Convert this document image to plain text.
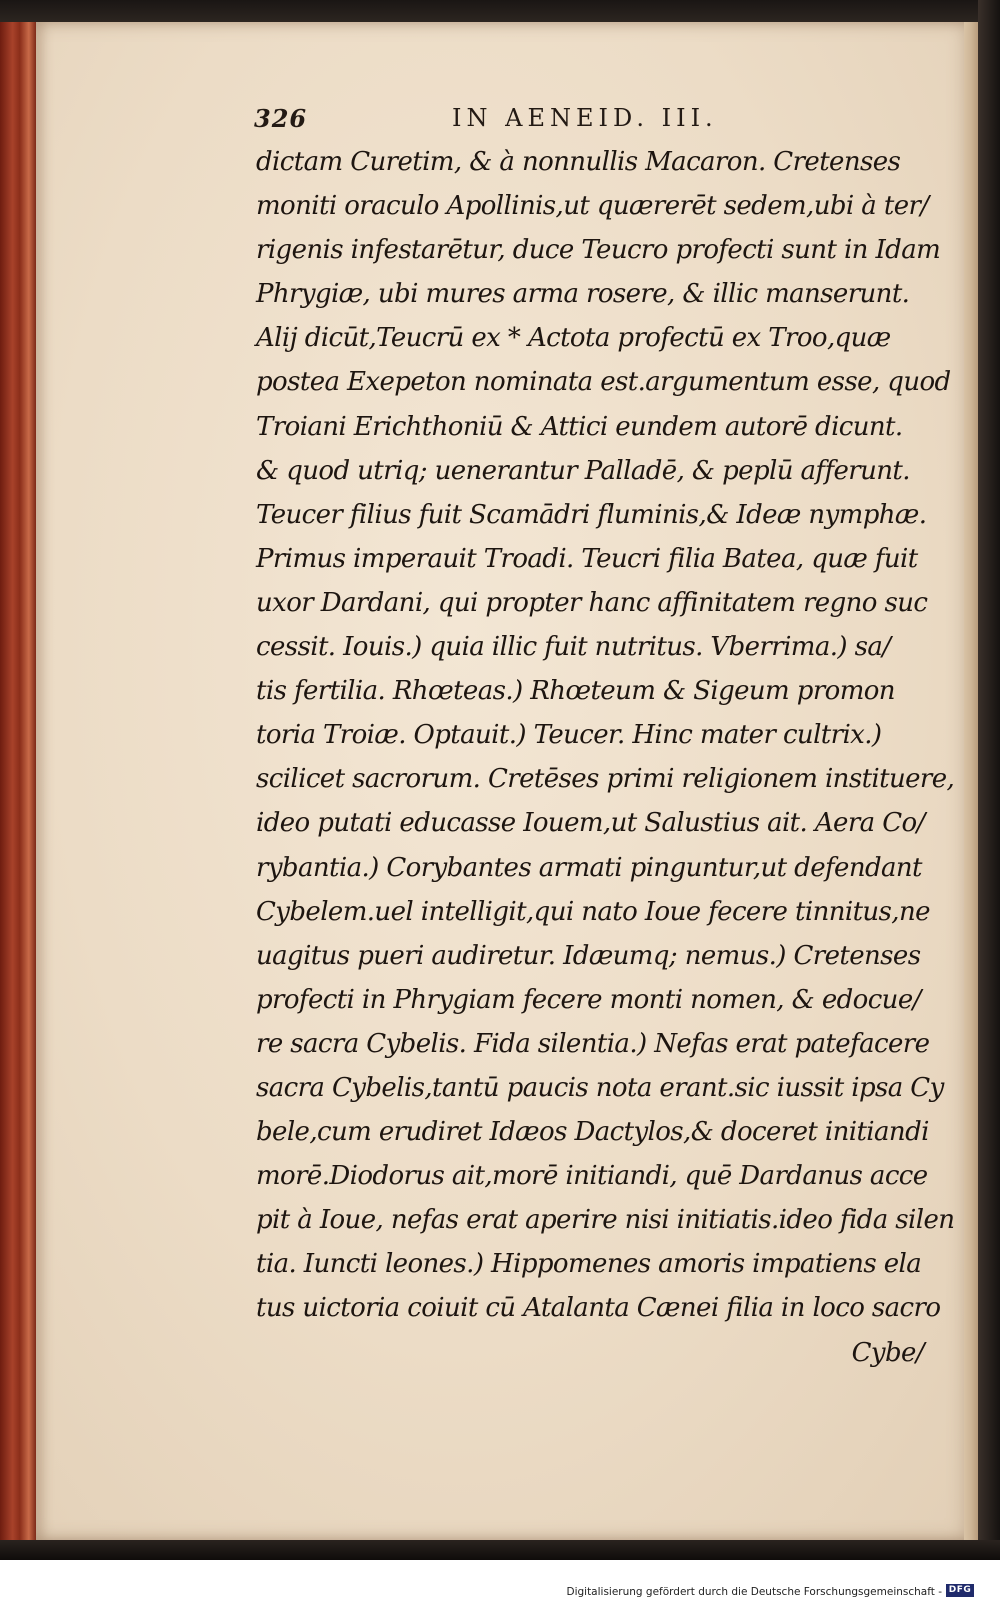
326	IN AENEID. III.
dictam Curetim, & à nonnullis Macaron. Cretenses
moniti oraculo Apollinis,ut quærerēt sedem,ubi à ter/
rigenis infestarētur, duce Teucro profecti sunt in Idam
Phrygiæ, ubi mures arma rosere, & illic manserunt.
Alij dicūt,Teucrū ex * Actota profectū ex Troo,quæ
postea Exepeton nominata est.argumentum esse, quod
Troiani Erichthoniū & Attici eundem autorē dicunt.
& quod utriq; uenerantur Palladē, & peplū afferunt.
Teucer filius fuit Scamādri fluminis,& Ideæ nymphæ.
Primus imperauit Troadi. Teucri filia Batea, quæ fuit
uxor Dardani, qui propter hanc affinitatem regno suc
cessit. Iouis.) quia illic fuit nutritus. Vberrima.) sa/
tis fertilia. Rhœteas.) Rhœteum & Sigeum promon
toria Troiæ. Optauit.) Teucer. Hinc mater cultrix.)
scilicet sacrorum. Cretēses primi religionem instituere,
ideo putati educasse Iouem,ut Salustius ait. Aera Co/
rybantia.) Corybantes armati pinguntur,ut defendant
Cybelem.uel intelligit,qui nato Ioue fecere tinnitus,ne
uagitus pueri audiretur. Idæumq; nemus.) Cretenses
profecti in Phrygiam fecere monti nomen, & edocue/
re sacra Cybelis. Fida silentia.) Nefas erat patefacere
sacra Cybelis,tantū paucis nota erant.sic iussit ipsa Cy
bele,cum erudiret Idæos Dactylos,& doceret initiandi
morē.Diodorus ait,morē initiandi, quē Dardanus acce
pit à Ioue, nefas erat aperire nisi initiatis.ideo fida silen
tia. Iuncti leones.) Hippomenes amoris impatiens ela
tus uictoria coiuit cū Atalanta Cænei filia in loco sacro
Cybe/
Digitalisierung gefördert durch die Deutsche Forschungsgemeinschaft - DFG
